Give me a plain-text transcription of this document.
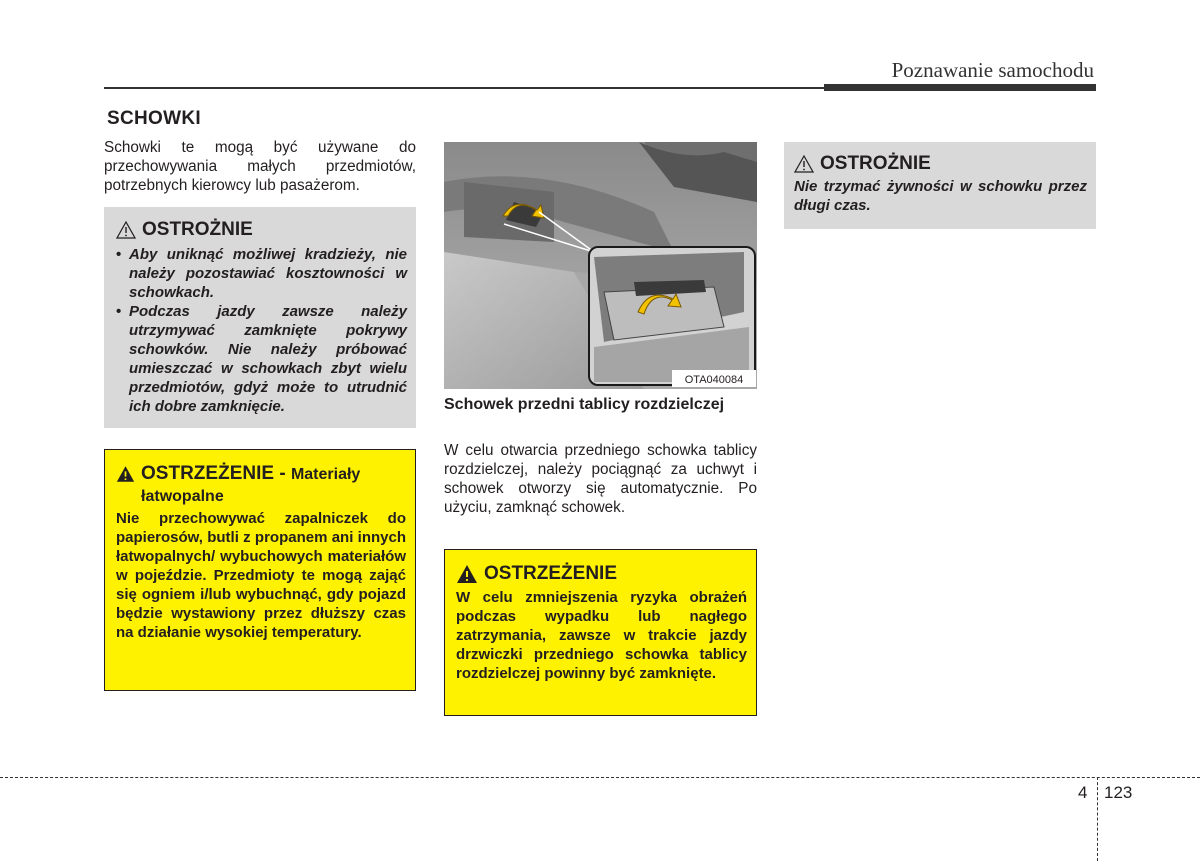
Poznawanie samochodu
SCHOWKI
Schowki te mogą być używane do przechowywania małych przedmiotów, potrzebnych kierowcy lub pasażerom.
OSTROŻNIE
• Aby uniknąć możliwej kradzieży, nie należy pozostawiać kosztowności w schowkach.
• Podczas jazdy zawsze należy utrzymywać zamknięte pokrywy schowków. Nie należy próbować umieszczać w schowkach zbyt wielu przedmiotów, gdyż może to utrudnić ich dobre zamknięcie.
OSTRZEŻENIE - Materiały łatwopalne
Nie przechowywać zapalniczek do papierosów, butli z propanem ani innych łatwopalnych/ wybuchowych materiałów w pojeździe. Przedmioty te mogą zająć się ogniem i/lub wybuchnąć, gdy pojazd będzie wystawiony przez dłuższy czas na działanie wysokiej temperatury.
OTA040084
Schowek przedni tablicy rozdzielczej
W celu otwarcia przedniego schowka tablicy rozdzielczej, należy pociągnąć za uchwyt i schowek otworzy się automatycznie. Po użyciu, zamknąć schowek.
OSTRZEŻENIE
W celu zmniejszenia ryzyka obrażeń podczas wypadku lub nagłego zatrzymania, zawsze w trakcie jazdy drzwiczki przedniego schowka tablicy rozdzielczej powinny być zamknięte.
OSTROŻNIE
Nie trzymać żywności w schowku przez długi czas.
4 123
